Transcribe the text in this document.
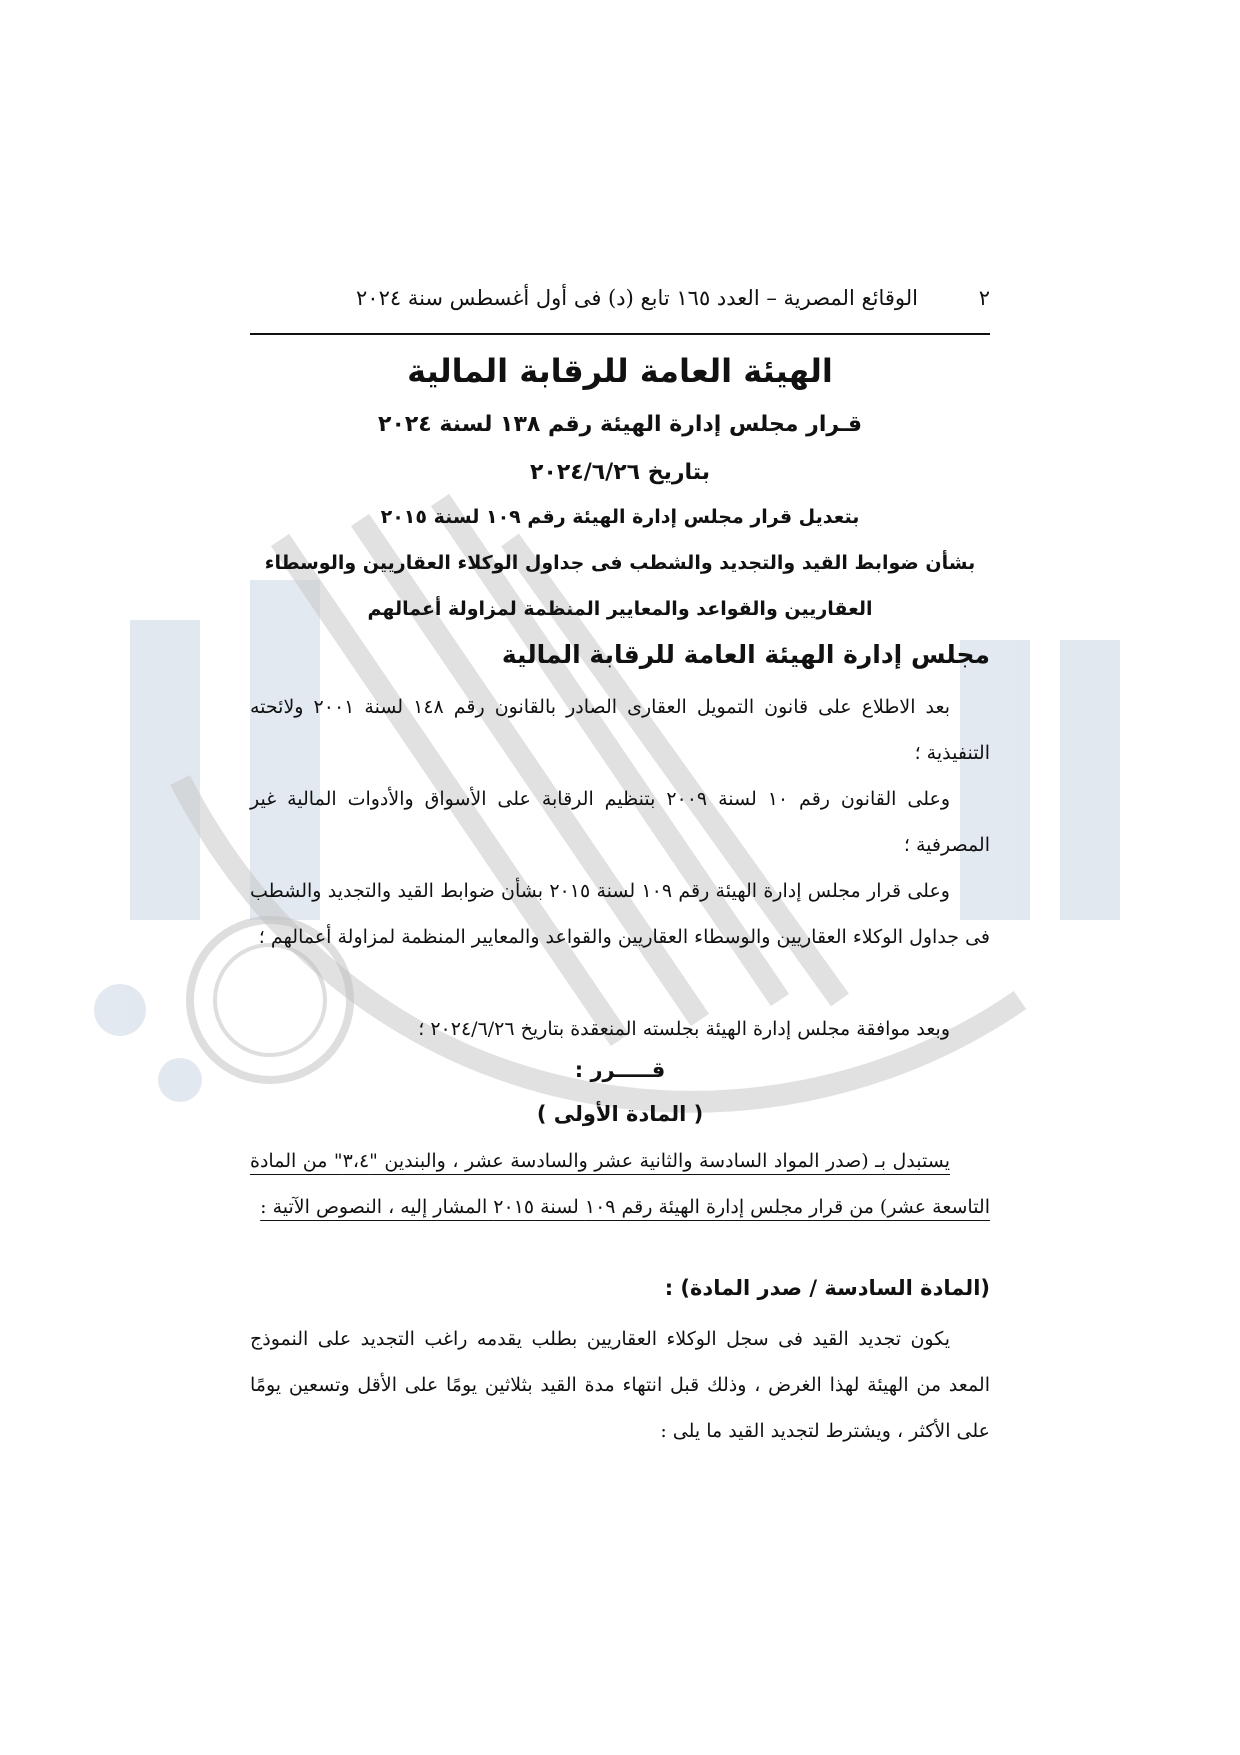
٢
الوقائع المصرية – العدد ١٦٥ تابع (د) فى أول أغسطس سنة ٢٠٢٤
الهيئة العامة للرقابة المالية
قـرار مجلس إدارة الهيئة رقم ١٣٨ لسنة ٢٠٢٤
بتاريخ ٢٠٢٤/٦/٢٦
بتعديل قرار مجلس إدارة الهيئة رقم ١٠٩ لسنة ٢٠١٥
بشأن ضوابط القيد والتجديد والشطب فى جداول الوكلاء العقاريين والوسطاء
العقاريين والقواعد والمعايير المنظمة لمزاولة أعمالهم
مجلس إدارة الهيئة العامة للرقابة المالية
بعد الاطلاع على قانون التمويل العقارى الصادر بالقانون رقم ١٤٨ لسنة ٢٠٠١ ولائحته التنفيذية ؛
وعلى القانون رقم ١٠ لسنة ٢٠٠٩ بتنظيم الرقابة على الأسواق والأدوات المالية غير المصرفية ؛
وعلى قرار مجلس إدارة الهيئة رقم ١٠٩ لسنة ٢٠١٥ بشأن ضوابط القيد والتجديد والشطب فى جداول الوكلاء العقاريين والوسطاء العقاريين والقواعد والمعايير المنظمة لمزاولة أعمالهم ؛
وبعد موافقة مجلس إدارة الهيئة بجلسته المنعقدة بتاريخ ٢٠٢٤/٦/٢٦ ؛
قـــــرر :
( المادة الأولى )
يستبدل بـ (صدر المواد السادسة والثانية عشر والسادسة عشر ، والبندين "٣،٤" من المادة التاسعة عشر) من قرار مجلس إدارة الهيئة رقم ١٠٩ لسنة ٢٠١٥ المشار إليه ، النصوص الآتية :
(المادة السادسة / صدر المادة) :
يكون تجديد القيد فى سجل الوكلاء العقاريين بطلب يقدمه راغب التجديد على النموذج المعد من الهيئة لهذا الغرض ، وذلك قبل انتهاء مدة القيد بثلاثين يومًا على الأقل وتسعين يومًا على الأكثر ، ويشترط لتجديد القيد ما يلى :
